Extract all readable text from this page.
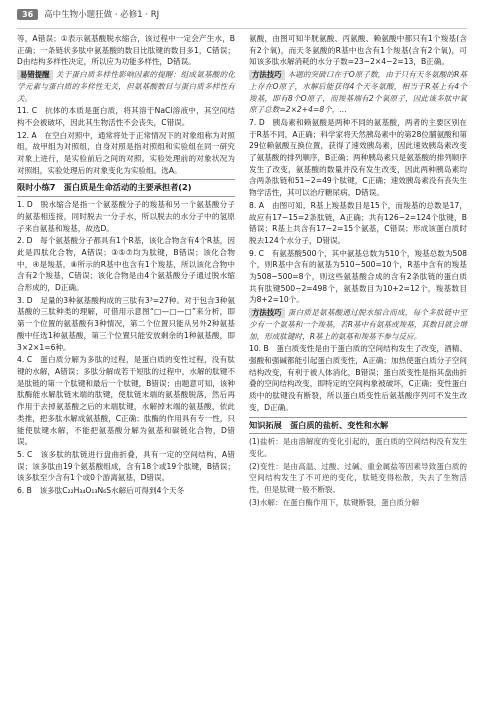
36	高中生物小题狂做 · 必修1 · RJ

等，A错误；①表示氨基酸脱水缩合，该过程中一定会产生水，B正确；一条链状多肽中氨基酸的数目比肽键的数目多1，C错误；D由结构多样性决定，所以应为功能多样性，D错误。

易错提醒 关于蛋白质多样性影响因素的提醒：组成氨基酸的化学元素与蛋白质的多样性无关，但氨基酸数目与蛋白质多样性有关。

11. C　抗体的本质是蛋白质，将其溶于NaCl溶液中，其空间结构不会被破坏，因此其生物活性不会丧失，C错误。

12. A　在空白对照中，通常将处于正常情况下的对象组称为对照组，故甲组为对照组，自身对照是指对照组和实验组在同一研究对象上进行，是实验前后之间的对照。实验处理前的对象状况为对照组，实验处理后的对象变化为实验组。选A。

限时小练7　蛋白质是生命活动的主要承担者(2)

1. D　脱水缩合是指一个氨基酸分子的羧基和另一个氨基酸分子的氨基相连接，同时脱去一分子水，所以脱去的水分子中的氢原子来自氨基和羧基，故选D。

2. D　每个氨基酸分子都具有1个R基，该化合物含有4个R基，因此是四肽化合物，A错误；③⑤⑦均为肽键，B错误；该化合物中，④是羧基，⑧所示的R基中也含有1个羧基，所以该化合物中含有2个羧基，C错误；该化合物是由4个氨基酸分子通过脱水缩合形成的，D正确。

3. D　足量的3种氨基酸构成的三肽有3³=27种。对于包含3种氨基酸的三肽种类的理解，可借用示意图“□—□—□”来分析，即第一个位置的氨基酸有3种情况，第二个位置只能从另外2种氨基酸中任选1种氨基酸，第三个位置只能安放剩余的1种氨基酸，即3×2×1=6种。

4. C　蛋白质分解为多肽的过程，是蛋白质的变性过程，没有肽键的水解，A错误；多肽分解成若干短肽的过程中，水解的肽键不是肽链的第一个肽键和最后一个肽键，B错误；由题意可知，该种肽酶能水解肽链末端的肽键，使肽链末端的氨基酸脱落，然后再作用于去掉氨基酸之后的末端肽键，水解掉末端的氨基酸，依此类推，把多肽水解成氨基酸，C正确；肽酶的作用具有专一性，只能使肽键水解，不能把氨基酸分解为氨基和碳链化合物，D错误。

5. C　该多肽的肽链进行盘曲折叠，具有一定的空间结构，A错误；该多肽由19个氨基酸组成，含有18个或19个肽键，B错误；该多肽至少含有1个或0个游离氨基，D错误。

6. B　该多肽C₂₂H₃₄O₁₃N₆S水解后可得到4个天冬

氨酸，由图可知半胱氨酸、丙氨酸、赖氨酸中都只有1个羧基(含有2个氧)，而天冬氨酸的R基中也含有1个羧基(含有2个氧)，可知该多肽水解消耗的水分子数=23−2×4−2=13，B正确。

方法技巧 本题的突破口在于O原子数，由于只有天冬氨酸的R基上存在O原子，水解后能获得4个天冬氨酸，相当于R基上有4个羧基，即有8个O原子，而羧基端有2个氧原子，因此该多肽中氧原子总数=2×2+4=8个，…

7. D　胰岛素和赖氨酸是两种不同的氨基酸，两者的主要区别在于R基不同，A正确；科学家将天然胰岛素中的第28位脯氨酸和第29位赖氨酸互换位置，获得了速效胰岛素，因此速效胰岛素改变了氨基酸的排列顺序，B正确；两种胰岛素只是氨基酸的排列顺序发生了改变，氨基酸的数量并没有发生改变，因此两种胰岛素均含两条肽链和51−2=49个肽键，C正确；速效胰岛素没有丧失生物学活性，其可以治疗糖尿病，D错误。

8. A　由图可知，R基上羧基数目是15个，而羧基的总数是17，故应有17−15=2条肽链，A正确；共有126−2=124个肽键，B错误；R基上共含有17−2=15个氨基，C错误；形成该蛋白质时脱去124个水分子，D错误。

9. C　有氨基酸500个，其中氨基总数为510个，羧基总数为508个，则R基中含有的氨基为510−500=10个，R基中含有的羧基为508−500=8个，则这些氨基酸合成的含有2条肽链的蛋白质共有肽键500−2=498个，氨基数目为10+2=12个，羧基数目为8+2=10个。

方法技巧 蛋白质是氨基酸通过脱水缩合而成，每个多肽链中至少有一个氨基和一个羧基，若R基中有氨基或羧基，其数目就会增加，形成肽键时，R基上的氨基和羧基不参与反应。

10. B　蛋白质变性是由于蛋白质的空间结构发生了改变，酒精、强酸和强碱都能引起蛋白质变性，A正确；加热使蛋白质分子空间结构改变，有利于被人体消化，B错误；蛋白质变性是指其盘曲折叠的空间结构改变，即特定的空间构象被破坏，C正确；变性蛋白质中的肽键没有断裂，所以蛋白质变性后氨基酸序列可不发生改变，D正确。

知识拓展　蛋白质的盐析、变性和水解

(1)盐析：是由溶解度的变化引起的，蛋白质的空间结构没有发生变化。

(2)变性：是由高温、过酸、过碱、重金属盐等因素导致蛋白质的空间结构发生了不可逆的变化，肽链变得松散，失去了生物活性，但是肽键一般不断裂。

(3)水解：在蛋白酶作用下，肽键断裂，蛋白质分解
